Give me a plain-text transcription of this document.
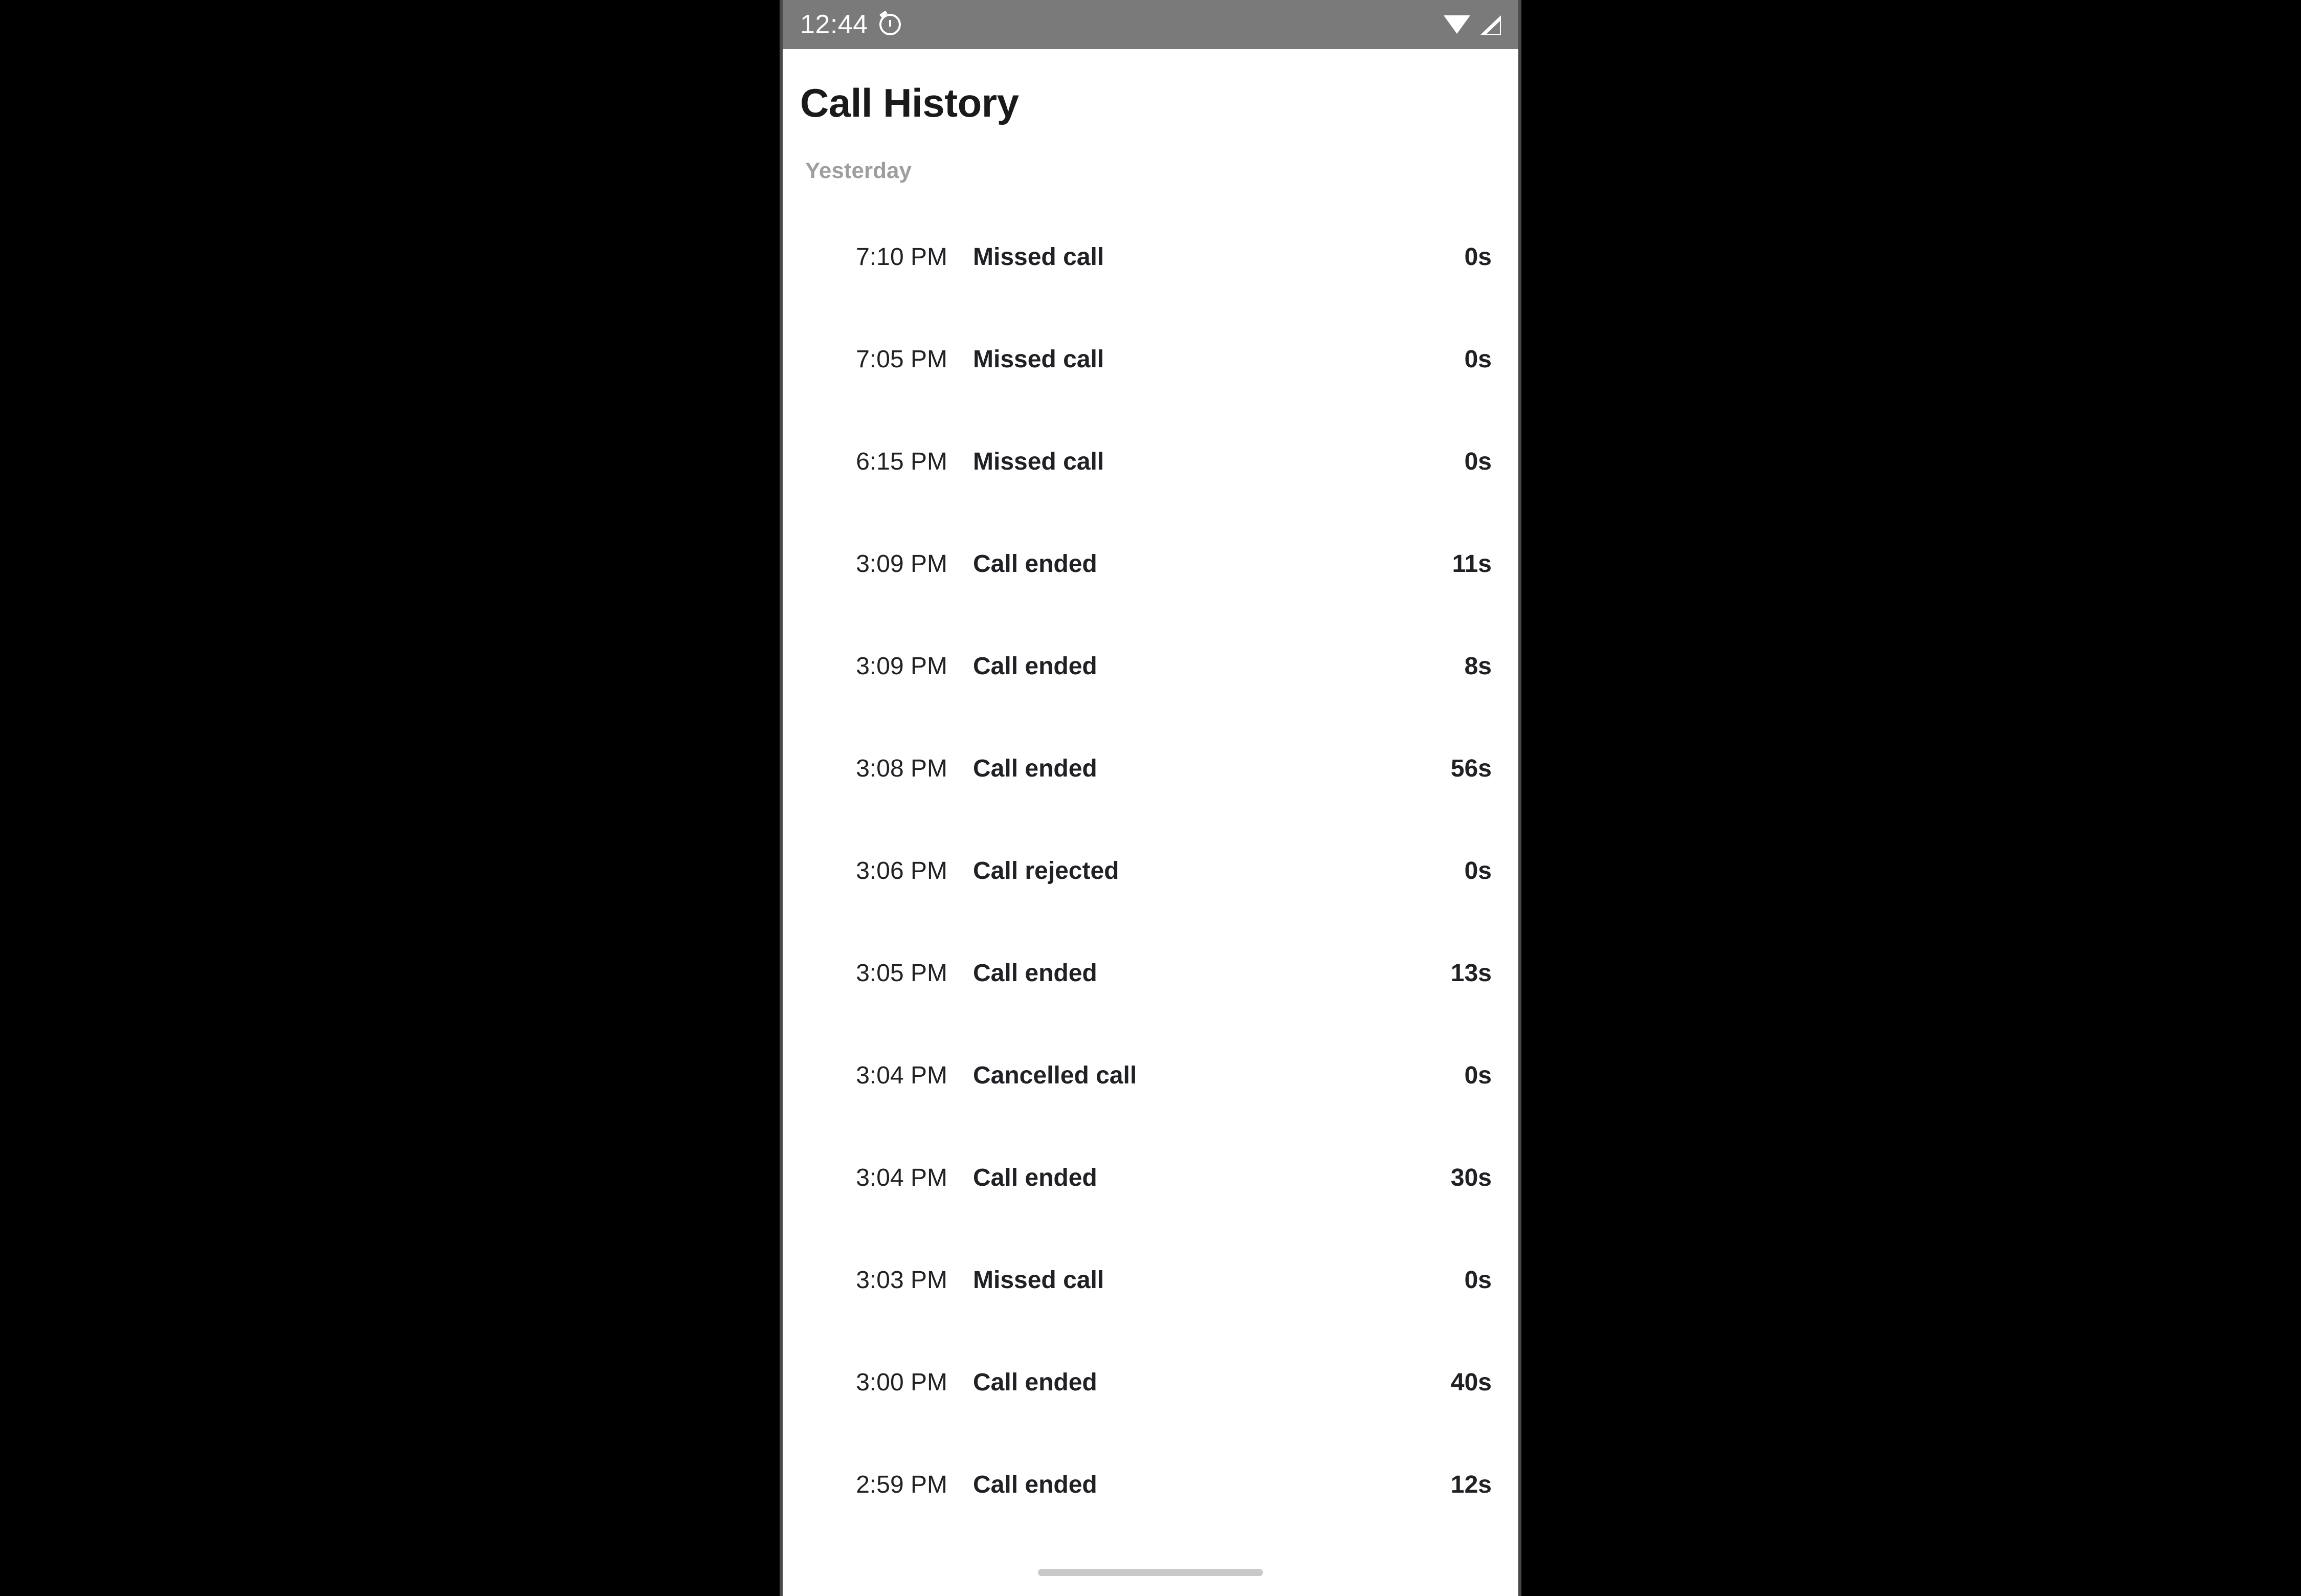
12:44
Call History
Yesterday
7:10 PM	Missed call	0s
7:05 PM	Missed call	0s
6:15 PM	Missed call	0s
3:09 PM	Call ended	11s
3:09 PM	Call ended	8s
3:08 PM	Call ended	56s
3:06 PM	Call rejected	0s
3:05 PM	Call ended	13s
3:04 PM	Cancelled call	0s
3:04 PM	Call ended	30s
3:03 PM	Missed call	0s
3:00 PM	Call ended	40s
2:59 PM	Call ended	12s
